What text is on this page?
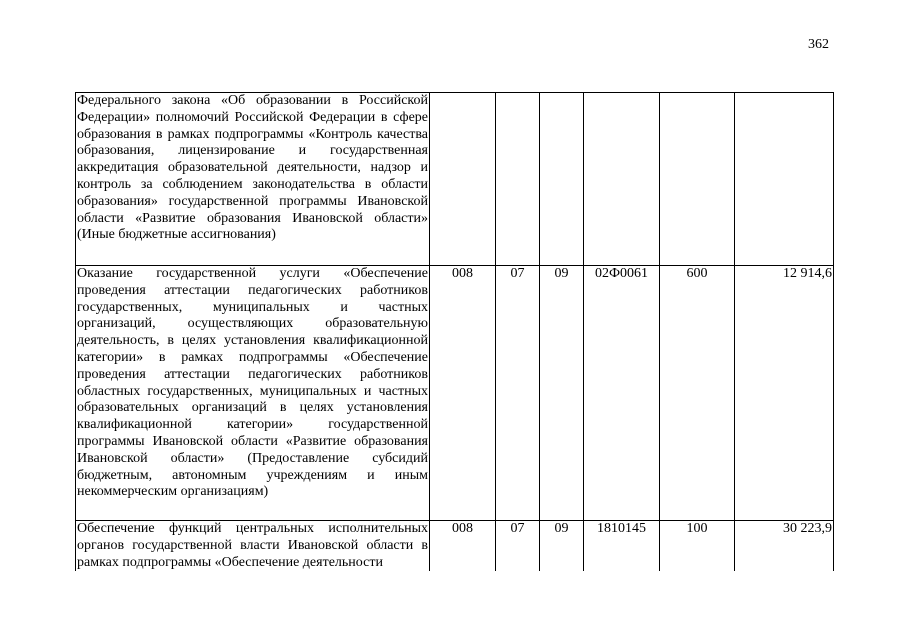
362
Федерального закона «Об образовании в Российской Федерации» полномочий Российской Федерации в сфере образования в рамках подпрограммы «Контроль качества образования, лицензирование и государственная аккредитация образовательной деятельности, надзор и контроль за соблюдением законодательства в области образования» государственной программы Ивановской области «Развитие образования Ивановской области» (Иные бюджетные ассигнования)						
Оказание государственной услуги «Обеспечение проведения аттестации педагогических работников государственных, муниципальных и частных организаций, осуществляющих образовательную деятельность, в целях установления квалификационной категории» в рамках подпрограммы «Обеспечение проведения аттестации педагогических работников областных государственных, муниципальных и частных образовательных организаций в целях установления квалификационной категории» государственной программы Ивановской области «Развитие образования Ивановской области» (Предоставление субсидий бюджетным, автономным учреждениям и иным некоммерческим организациям)	008	07	09	02Ф0061	600	12 914,6
Обеспечение функций центральных исполнительных органов государственной власти Ивановской области в рамках подпрограммы «Обеспечение деятельности	008	07	09	1810145	100	30 223,9
